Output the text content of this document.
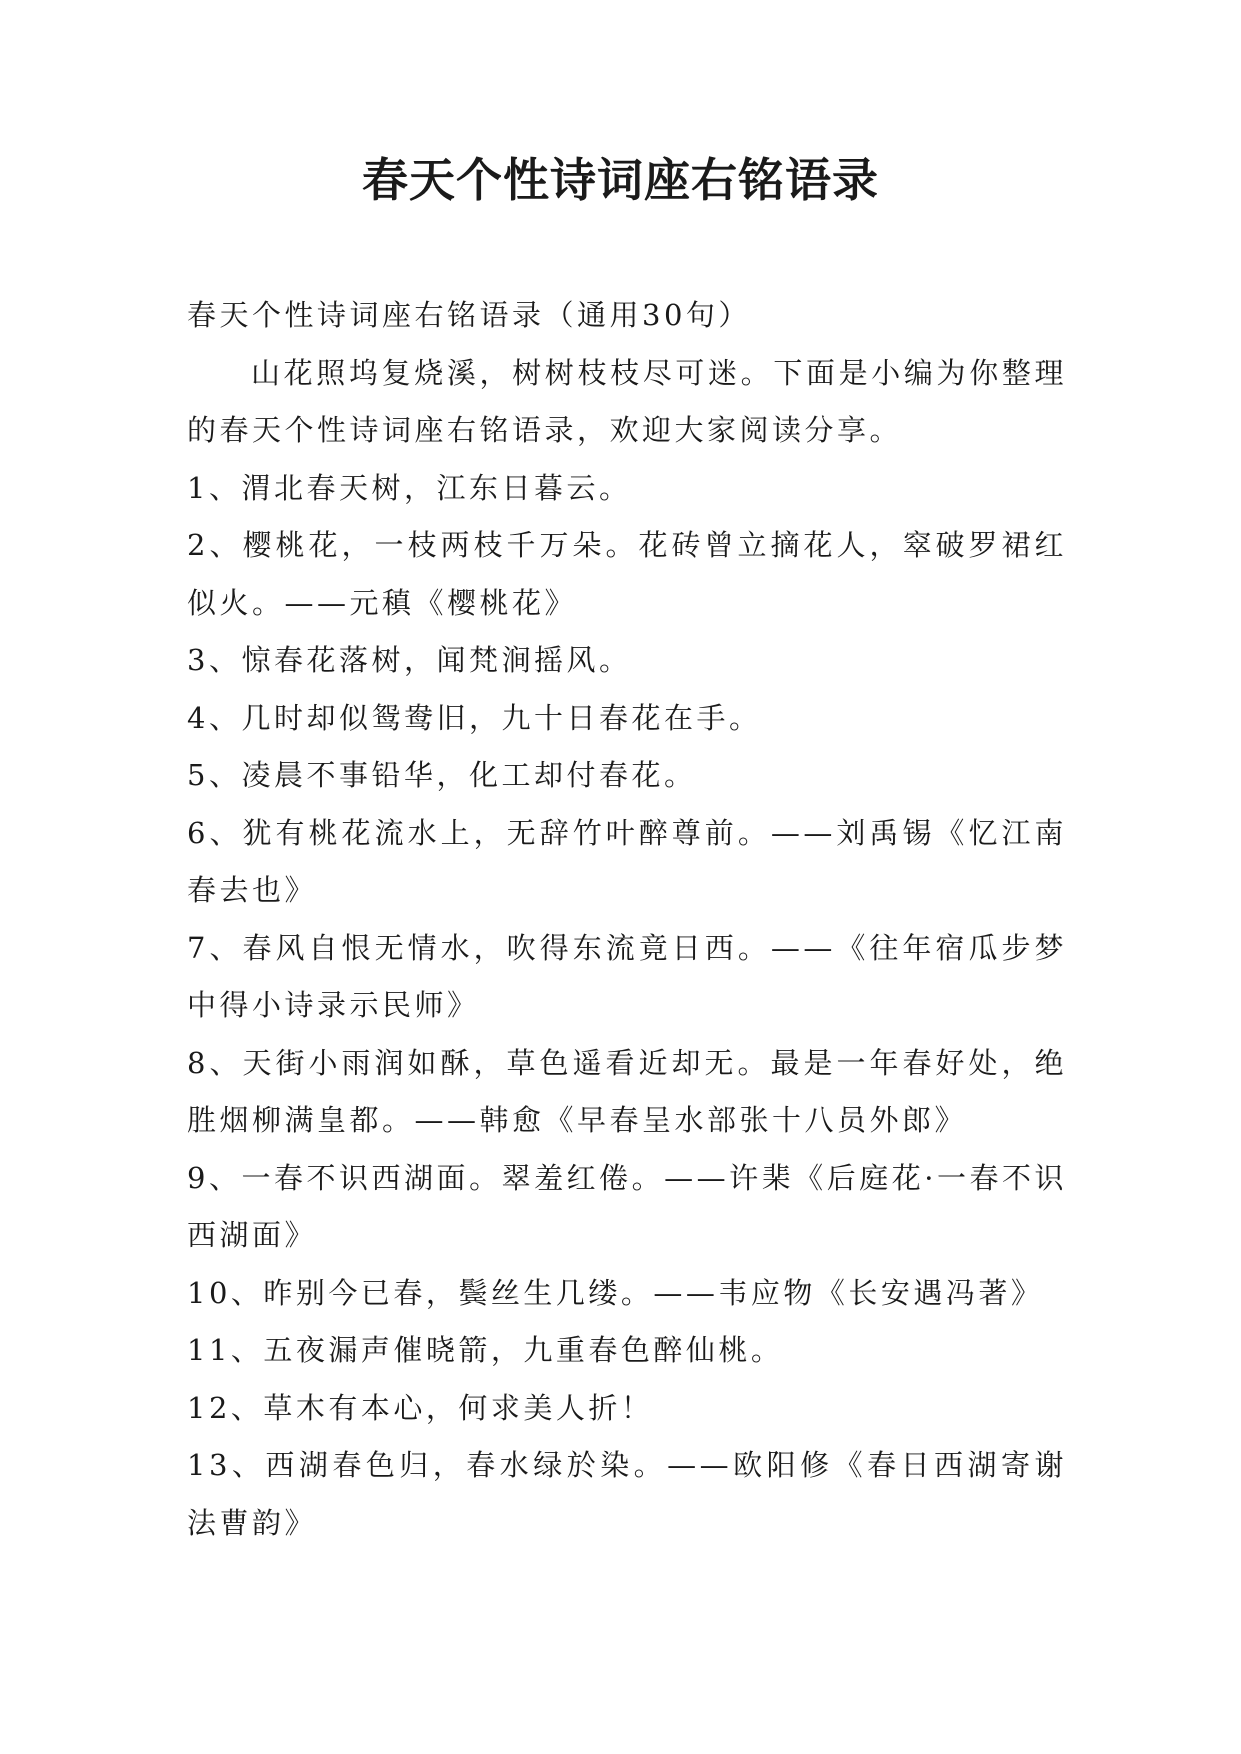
春天个性诗词座右铭语录

春天个性诗词座右铭语录（通用30句）

山花照坞复烧溪，树树枝枝尽可迷。下面是小编为你整理的春天个性诗词座右铭语录，欢迎大家阅读分享。

1、渭北春天树，江东日暮云。

2、樱桃花，一枝两枝千万朵。花砖曾立摘花人，窣破罗裙红似火。——元稹《樱桃花》

3、惊春花落树，闻梵涧摇风。

4、几时却似鸳鸯旧，九十日春花在手。

5、凌晨不事铅华，化工却付春花。

6、犹有桃花流水上，无辞竹叶醉尊前。——刘禹锡《忆江南春去也》

7、春风自恨无情水，吹得东流竟日西。——《往年宿瓜步梦中得小诗录示民师》

8、天街小雨润如酥，草色遥看近却无。最是一年春好处，绝胜烟柳满皇都。——韩愈《早春呈水部张十八员外郎》

9、一春不识西湖面。翠羞红倦。——许棐《后庭花·一春不识西湖面》

10、昨别今已春，鬓丝生几缕。——韦应物《长安遇冯著》

11、五夜漏声催晓箭，九重春色醉仙桃。

12、草木有本心，何求美人折！

13、西湖春色归，春水绿於染。——欧阳修《春日西湖寄谢法曹韵》
